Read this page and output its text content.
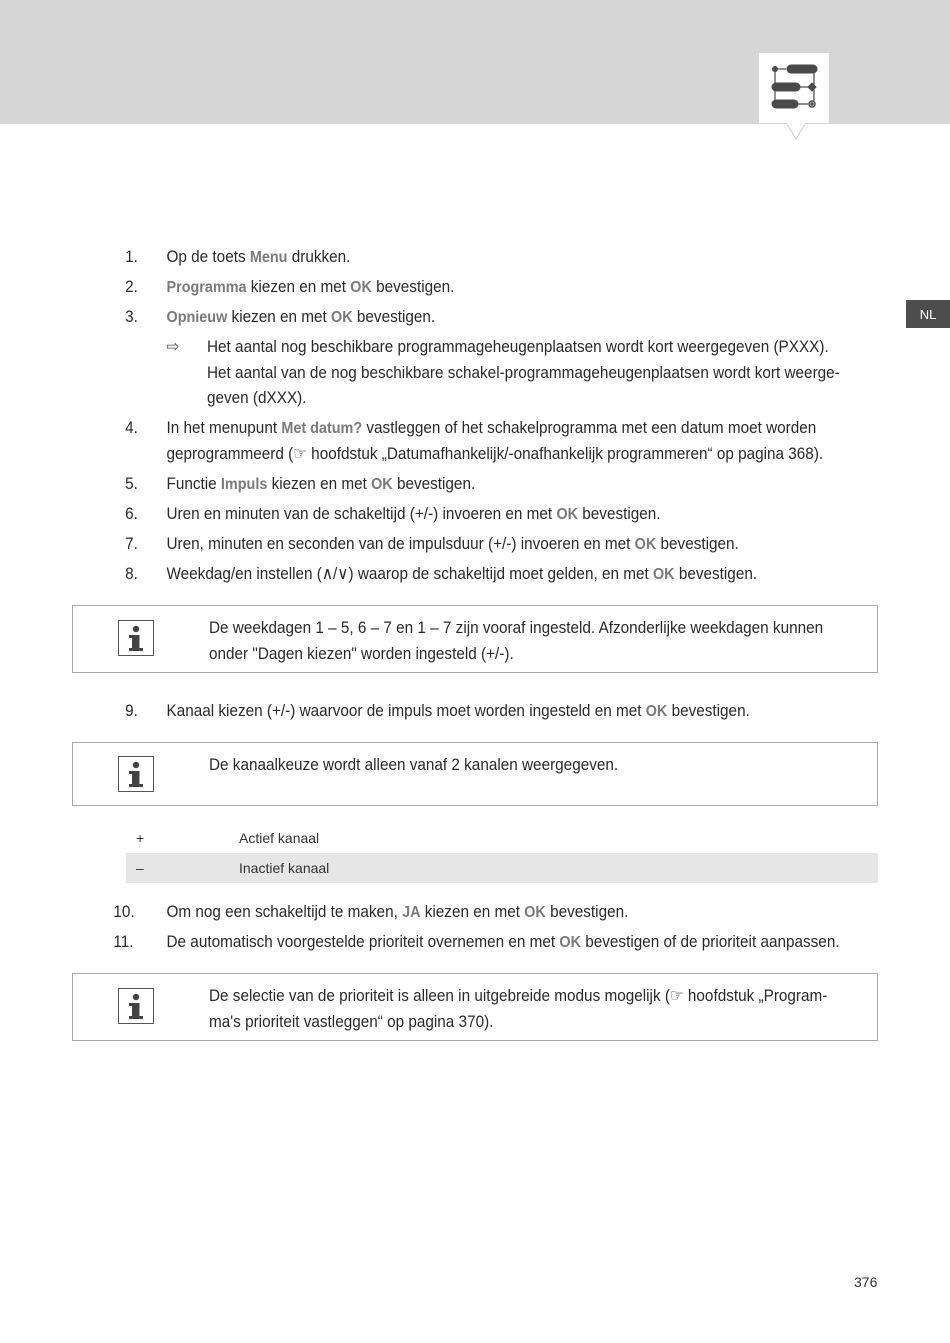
NL
1.	Op de toets Menu drukken.
2.	Programma kiezen en met OK bevestigen.
3.	Opnieuw kiezen en met OK bevestigen.
⇨ Het aantal nog beschikbare programmageheugenplaatsen wordt kort weergegeven (PXXX).
Het aantal van de nog beschikbare schakel-programmageheugenplaatsen wordt kort weerge-
geven (dXXX).
4.	In het menupunt Met datum? vastleggen of het schakelprogramma met een datum moet worden geprogrammeerd (☞ hoofdstuk „Datumafhankelijk/-onafhankelijk programmeren“ op pagina 368).
5.	Functie Impuls kiezen en met OK bevestigen.
6.	Uren en minuten van de schakeltijd (+/-) invoeren en met OK bevestigen.
7.	Uren, minuten en seconden van de impulsduur (+/-) invoeren en met OK bevestigen.
8.	Weekdag/en instellen (∧/∨) waarop de schakeltijd moet gelden, en met OK bevestigen.
De weekdagen 1 – 5, 6 – 7 en 1 – 7 zijn vooraf ingesteld. Afzonderlijke weekdagen kunnen
onder "Dagen kiezen" worden ingesteld (+/-).
9.	Kanaal kiezen (+/-) waarvoor de impuls moet worden ingesteld en met OK bevestigen.
De kanaalkeuze wordt alleen vanaf 2 kanalen weergegeven.
+	Actief kanaal
–	Inactief kanaal
10.	Om nog een schakeltijd te maken, JA kiezen en met OK bevestigen.
11.	De automatisch voorgestelde prioriteit overnemen en met OK bevestigen of de prioriteit aanpassen.
De selectie van de prioriteit is alleen in uitgebreide modus mogelijk (☞ hoofdstuk „Program-
ma's prioriteit vastleggen“ op pagina 370).
376
